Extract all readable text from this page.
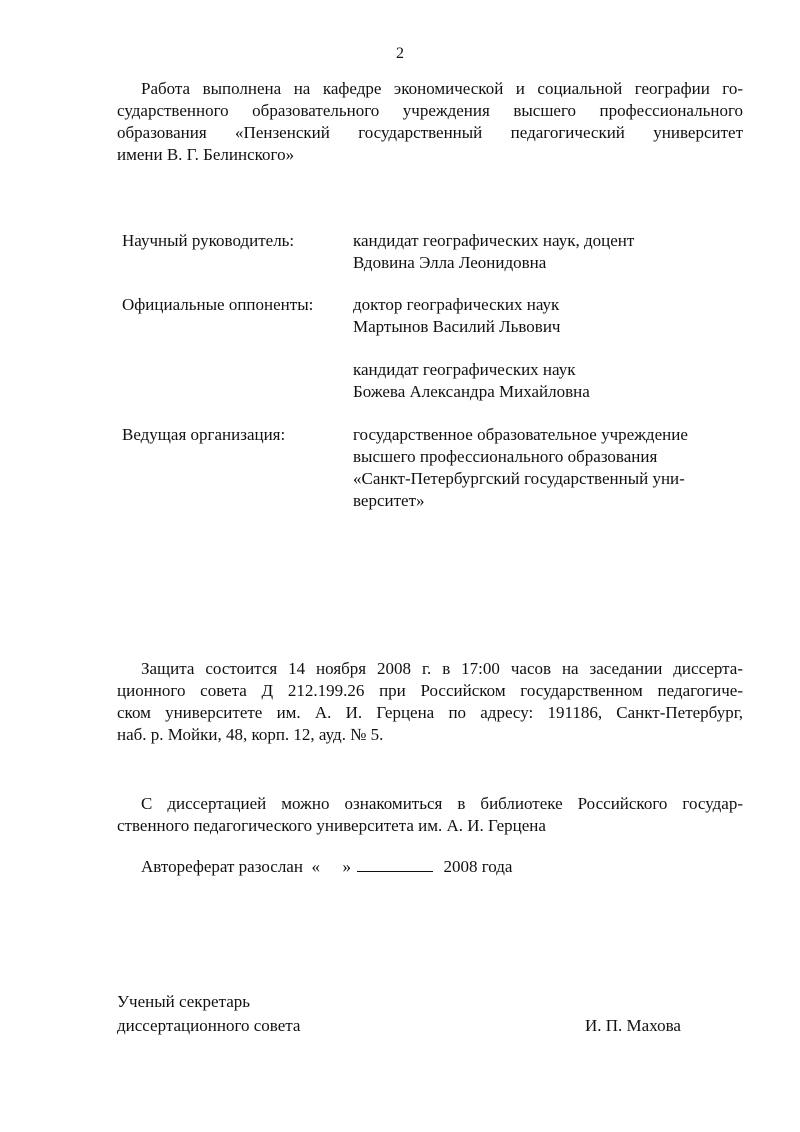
2
Работа выполнена на кафедре экономической и социальной географии го-
сударственного образовательного учреждения высшего профессионального
образования «Пензенский государственный педагогический университет
имени В. Г. Белинского»
Научный руководитель:	кандидат географических наук, доцент
Вдовина Элла Леонидовна
Официальные оппоненты:	доктор географических наук
Мартынов Василий Львович
кандидат географических наук
Божева Александра Михайловна
Ведущая организация:	государственное образовательное учреждение
высшего профессионального образования
«Санкт-Петербургский государственный уни-
верситет»
Защита состоится 14 ноября 2008 г. в 17:00 часов на заседании диссерта-
ционного совета Д 212.199.26 при Российском государственном педагогиче-
ском университете им. А. И. Герцена по адресу: 191186, Санкт-Петербург,
наб. р. Мойки, 48, корп. 12, ауд. № 5.
С диссертацией можно ознакомиться в библиотеке Российского государ-
ственного педагогического университета им. А. И. Герцена
Автореферат разослан  « »	2008 года
Ученый секретарь
диссертационного совета	И. П. Махова
